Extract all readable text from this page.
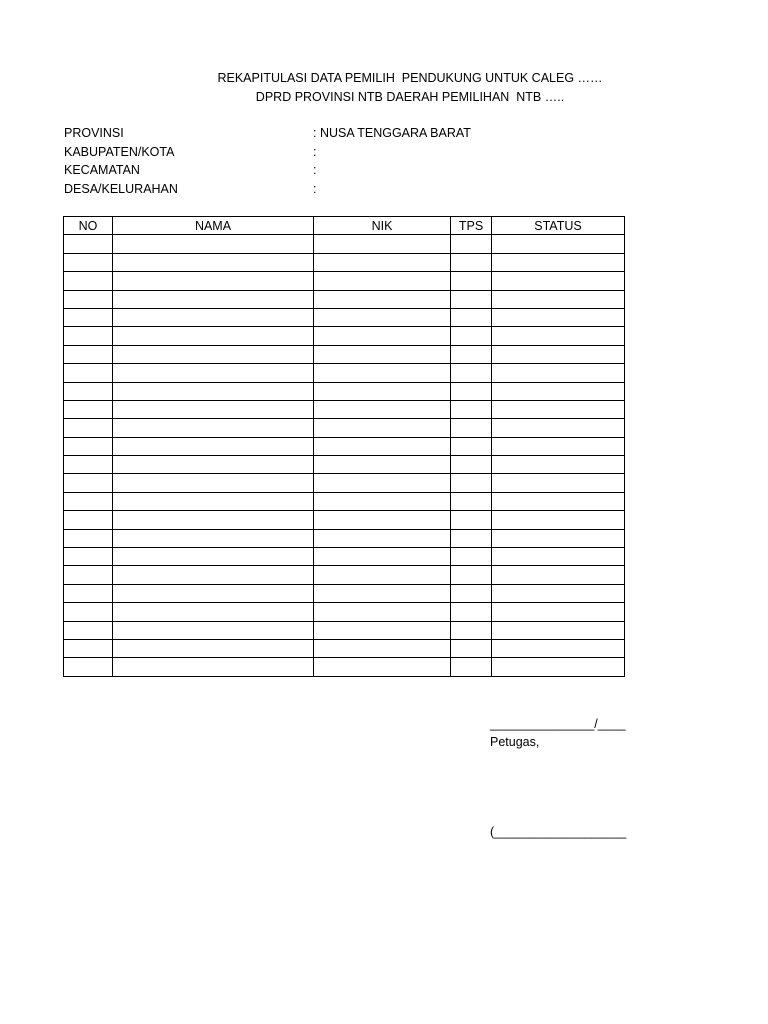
REKAPITULASI DATA PEMILIH  PENDUKUNG UNTUK CALEG ……
DPRD PROVINSI NTB DAERAH PEMILIHAN  NTB …..
PROVINSI	: NUSA TENGGARA BARAT
KABUPATEN/KOTA	:
KECAMATAN	:
DESA/KELURAHAN	:
NO	NAMA	NIK	TPS	STATUS

_______________/____
Petugas,
(___________________
